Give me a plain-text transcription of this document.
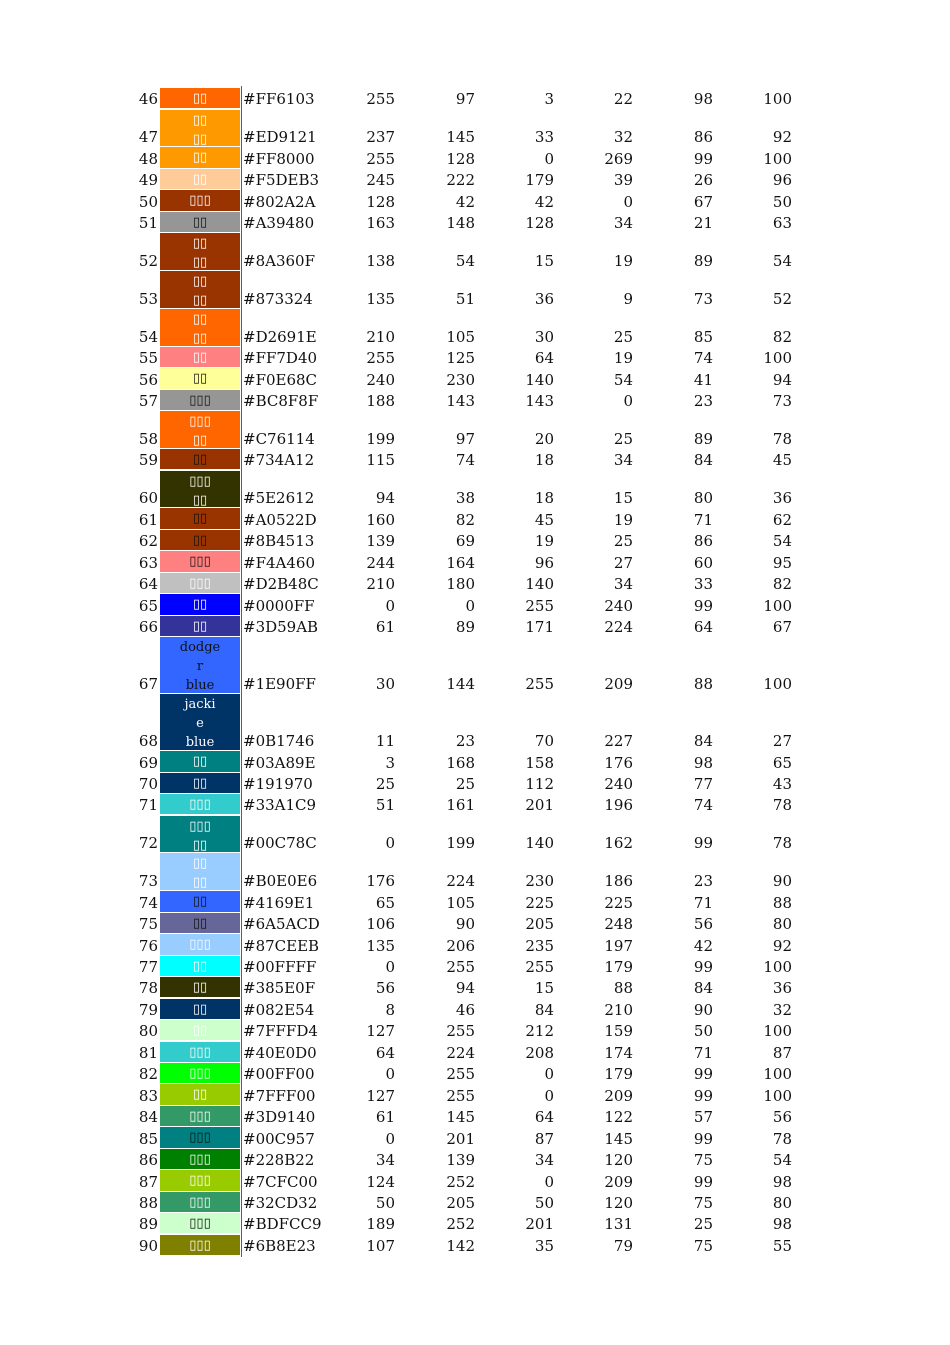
▯▯
46	#FF6103	255	97	3	22	98	100
▯▯
▯▯
47	#ED9121	237	145	33	32	86	92
▯▯
48	#FF8000	255	128	0	269	99	100
▯▯
49	#F5DEB3	245	222	179	39	26	96
▯▯▯
50	#802A2A	128	42	42	0	67	50
▯▯
51	#A39480	163	148	128	34	21	63
▯▯
▯▯
52	#8A360F	138	54	15	19	89	54
▯▯
▯▯
53	#873324	135	51	36	9	73	52
▯▯
▯▯
54	#D2691E	210	105	30	25	85	82
▯▯
55	#FF7D40	255	125	64	19	74	100
▯▯
56	#F0E68C	240	230	140	54	41	94
▯▯▯
57	#BC8F8F	188	143	143	0	23	73
▯▯▯
▯▯
58	#C76114	199	97	20	25	89	78
▯▯
59	#734A12	115	74	18	34	84	45
▯▯▯
▯▯
60	#5E2612	94	38	18	15	80	36
▯▯
61	#A0522D	160	82	45	19	71	62
▯▯
62	#8B4513	139	69	19	25	86	54
▯▯▯
63	#F4A460	244	164	96	27	60	95
▯▯▯
64	#D2B48C	210	180	140	34	33	82
▯▯
65	#0000FF	0	0	255	240	99	100
▯▯
66	#3D59AB	61	89	171	224	64	67
dodge
r
blue
67	#1E90FF	30	144	255	209	88	100
jacki
e
blue
68	#0B1746	11	23	70	227	84	27
▯▯
69	#03A89E	3	168	158	176	98	65
▯▯
70	#191970	25	25	112	240	77	43
▯▯▯
71	#33A1C9	51	161	201	196	74	78
▯▯▯
▯▯
72	#00C78C	0	199	140	162	99	78
▯▯
▯▯
73	#B0E0E6	176	224	230	186	23	90
▯▯
74	#4169E1	65	105	225	225	71	88
▯▯
75	#6A5ACD	106	90	205	248	56	80
▯▯▯
76	#87CEEB	135	206	235	197	42	92
▯▯
77	#00FFFF	0	255	255	179	99	100
▯▯
78	#385E0F	56	94	15	88	84	36
▯▯
79	#082E54	8	46	84	210	90	32
▯▯
80	#7FFFD4	127	255	212	159	50	100
▯▯▯
81	#40E0D0	64	224	208	174	71	87
▯▯▯
82	#00FF00	0	255	0	179	99	100
▯▯
83	#7FFF00	127	255	0	209	99	100
▯▯▯
84	#3D9140	61	145	64	122	57	56
▯▯▯
85	#00C957	0	201	87	145	99	78
▯▯▯
86	#228B22	34	139	34	120	75	54
▯▯▯
87	#7CFC00	124	252	0	209	99	98
▯▯▯
88	#32CD32	50	205	50	120	75	80
▯▯▯
89	#BDFCC9	189	252	201	131	25	98
▯▯▯
90	#6B8E23	107	142	35	79	75	55
